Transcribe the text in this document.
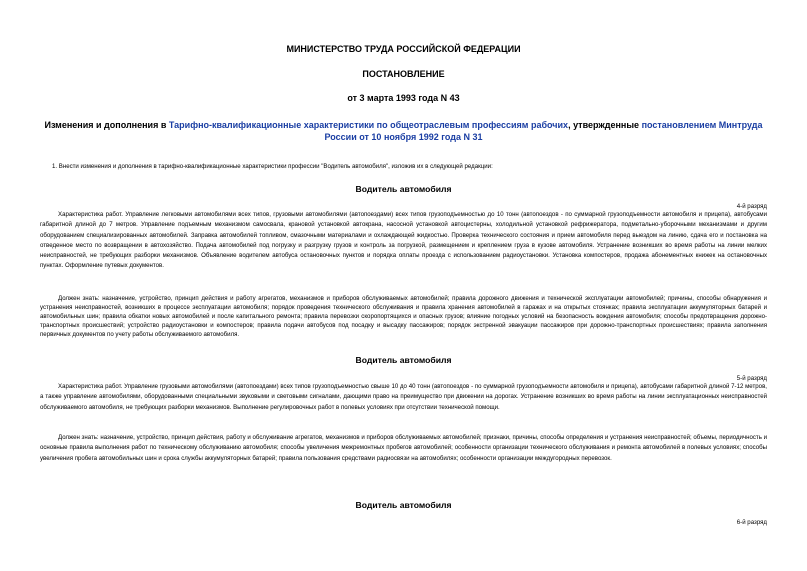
МИНИСТЕРСТВО ТРУДА РОССИЙСКОЙ ФЕДЕРАЦИИ
ПОСТАНОВЛЕНИЕ
от 3 марта 1993 года N 43
Изменения и дополнения в Тарифно-квалификационные характеристики по общеотраслевым профессиям рабочих, утвержденные постановлением Минтруда России от 10 ноября 1992 года N 31
1. Внести изменения и дополнения в тарифно-квалификационные характеристики профессии "Водитель автомобиля", изложив их в следующей редакции:
Водитель автомобиля
4-й разряд
Характеристика работ. Управление легковыми автомобилями всех типов, грузовыми автомобилями (автопоездами) всех типов грузоподъемностью до 10 тонн (автопоездов - по суммарной грузоподъемности автомобиля и прицепа), автобусами габаритной длиной до 7 метров. Управление подъемным механизмом самосвала, крановой установкой автокрана, насосной установкой автоцистерны, холодильной установкой рефрижератора, подметально-уборочными механизмами и другим оборудованием специализированных автомобилей. Заправка автомобилей топливом, смазочными материалами и охлаждающей жидкостью. Проверка технического состояния и прием автомобиля перед выездом на линию, сдача его и постановка на отведенное место по возвращении в автохозяйство. Подача автомобилей под погрузку и разгрузку грузов и контроль за погрузкой, размещением и креплением груза в кузове автомобиля. Устранение возникших во время работы на линии мелких неисправностей, не требующих разборки механизмов. Объявление водителем автобуса остановочных пунктов и порядка оплаты проезда с использованием радиоустановки. Установка компостеров, продажа абонементных книжек на остановочных пунктах. Оформление путевых документов.
Должен знать: назначение, устройство, принцип действия и работу агрегатов, механизмов и приборов обслуживаемых автомобилей; правила дорожного движения и технической эксплуатации автомобилей; причины, способы обнаружения и устранения неисправностей, возникших в процессе эксплуатации автомобиля; порядок проведения технического обслуживания и правила хранения автомобилей в гаражах и на открытых стоянках; правила эксплуатации аккумуляторных батарей и автомобильных шин; правила обкатки новых автомобилей и после капитального ремонта; правила перевозки скоропортящихся и опасных грузов; влияние погодных условий на безопасность вождения автомобиля; способы предотвращения дорожно-транспортных происшествий; устройство радиоустановки и компостеров; правила подачи автобусов под посадку и высадку пассажиров; порядок экстренной эвакуации пассажиров при дорожно-транспортных происшествиях; правила заполнения первичных документов по учету работы обслуживаемого автомобиля.
Водитель автомобиля
5-й разряд
Характеристика работ. Управление грузовыми автомобилями (автопоездами) всех типов грузоподъемностью свыше 10 до 40 тонн (автопоездов - по суммарной грузоподъемности автомобиля и прицепа), автобусами габаритной длиной 7-12 метров, а также управление автомобилями, оборудованными специальными звуковыми и световыми сигналами, дающими право на преимущество при движении на дорогах. Устранение возникших во время работы на линии эксплуатационных неисправностей обслуживаемого автомобиля, не требующих разборки механизмов. Выполнение регулировочных работ в полевых условиях при отсутствии технической помощи.
Должен знать: назначение, устройство, принцип действия, работу и обслуживание агрегатов, механизмов и приборов обслуживаемых автомобилей; признаки, причины, способы определения и устранения неисправностей; объемы, периодичность и основные правила выполнения работ по техническому обслуживанию автомобиля; способы увеличения межремонтных пробегов автомобилей; особенности организации технического обслуживания и ремонта автомобилей в полевых условиях; способы увеличения пробега автомобильных шин и срока службы аккумуляторных батарей; правила пользования средствами радиосвязи на автомобилях; особенности организации междугородных перевозок.
Водитель автомобиля
6-й разряд
